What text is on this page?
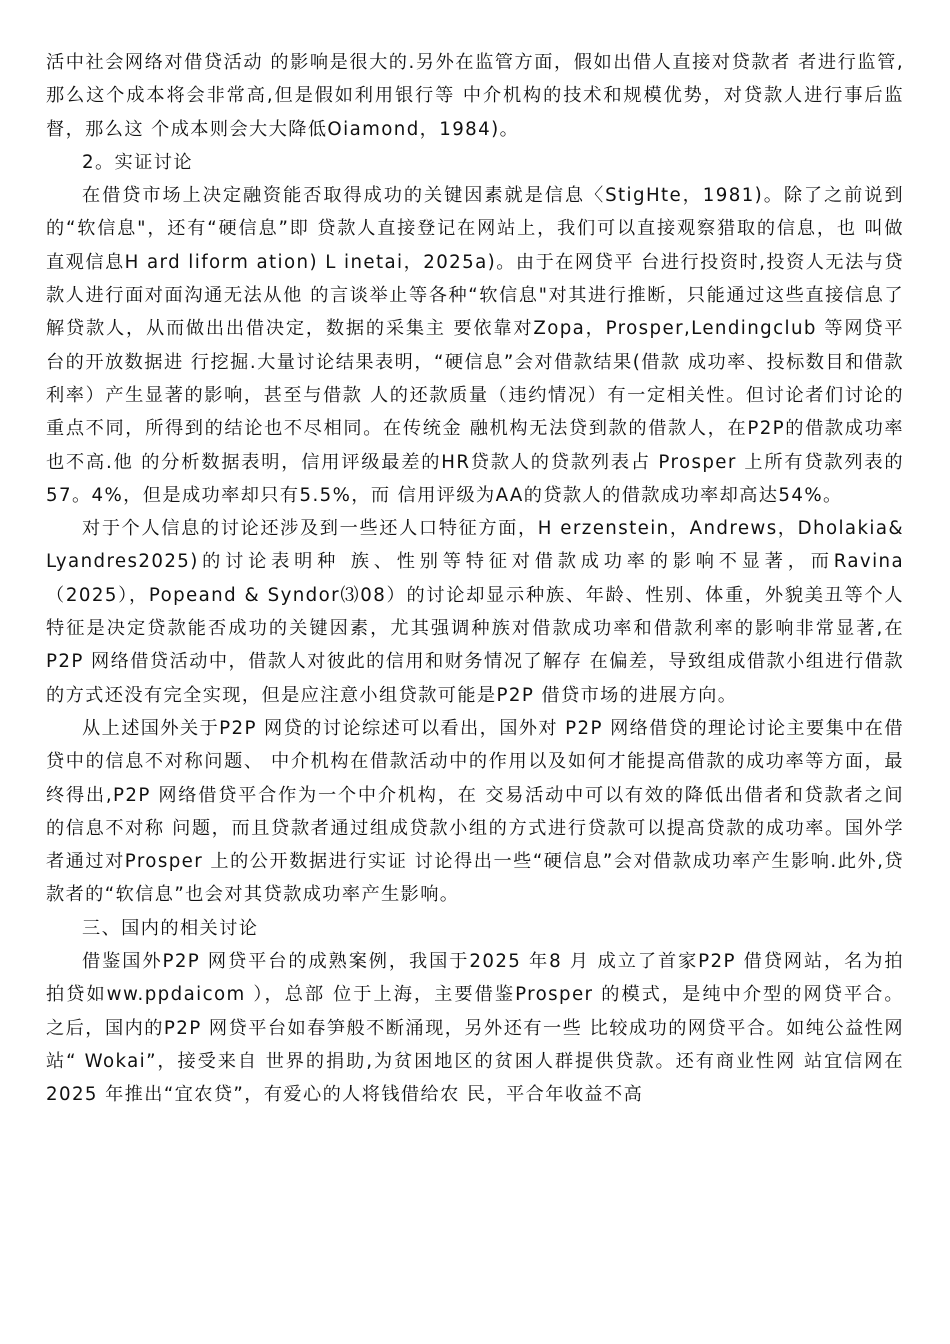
活中社会网络对借贷活动 的影响是很大的.另外在监管方面，假如出借人直接对贷款者 者进行监管,那么这个成本将会非常高,但是假如利用银行等 中介机构的技术和规模优势，对贷款人进行事后监督，那么这 个成本则会大大降低Oiamond，1984)。

2。实证讨论

在借贷市场上决定融资能否取得成功的关键因素就是信息〈StigHte，1981)。除了之前说到的“软信息"，还有“硬信息”即 贷款人直接登记在网站上，我们可以直接观察猎取的信息，也 叫做直观信息H ard liform ation) L inetai，2025a)。由于在网贷平 台进行投资时,投资人无法与贷款人进行面对面沟通无法从他 的言谈举止等各种“软信息"对其进行推断，只能通过这些直接信息了解贷款人，从而做出出借决定，数据的采集主 要依靠对Zopa，Prosper,Lendingclub 等网贷平台的开放数据进 行挖掘.大量讨论结果表明，“硬信息”会对借款结果(借款 成功率、投标数目和借款利率）产生显著的影响，甚至与借款 人的还款质量（违约情况）有一定相关性。但讨论者们讨论的 重点不同，所得到的结论也不尽相同。在传统金 融机构无法贷到款的借款人，在P2P的借款成功率也不高.他 的分析数据表明，信用评级最差的HR贷款人的贷款列表占 Prosper 上所有贷款列表的57。4%，但是成功率却只有5.5%，而 信用评级为AA的贷款人的借款成功率却高达54%。

对于个人信息的讨论还涉及到一些还人口特征方面，H erzenstein，Andrews，Dholakia& Lyandres2025)的讨论表明种 族、性别等特征对借款成功率的影响不显著，而Ravina （2025），Popeand & Syndor⑶08）的讨论却显示种族、年龄、性别、体重，外貌美丑等个人特征是决定贷款能否成功的关键因素，尤其强调种族对借款成功率和借款利率的影响非常显著,在 P2P 网络借贷活动中，借款人对彼此的信用和财务情况了解存 在偏差，导致组成借款小组进行借款的方式还没有完全实现，但是应注意小组贷款可能是P2P 借贷市场的进展方向。

从上述国外关于P2P 网贷的讨论综述可以看出，国外对 P2P 网络借贷的理论讨论主要集中在借贷中的信息不对称问题、 中介机构在借款活动中的作用以及如何才能提高借款的成功率等方面，最终得出,P2P 网络借贷平合作为一个中介机构，在 交易活动中可以有效的降低出借者和贷款者之间的信息不对称 问题，而且贷款者通过组成贷款小组的方式进行贷款可以提高贷款的成功率。国外学者通过对Prosper 上的公开数据进行实证 讨论得出一些“硬信息”会对借款成功率产生影响.此外,贷 款者的“软信息”也会对其贷款成功率产生影响。

三、国内的相关讨论

借鉴国外P2P 网贷平台的成熟案例，我国于2025 年8 月 成立了首家P2P 借贷网站，名为拍拍贷如ww.ppdaicom ），总部 位于上海，主要借鉴Prosper 的模式，是纯中介型的网贷平合。 之后，国内的P2P 网贷平台如春笋般不断涌现，另外还有一些 比较成功的网贷平合。如纯公益性网站“ Wokai”，接受来自 世界的捐助,为贫困地区的贫困人群提供贷款。还有商业性网 站宜信网在2025 年推出“宜农贷”，有爱心的人将钱借给农 民，平合年收益不高
